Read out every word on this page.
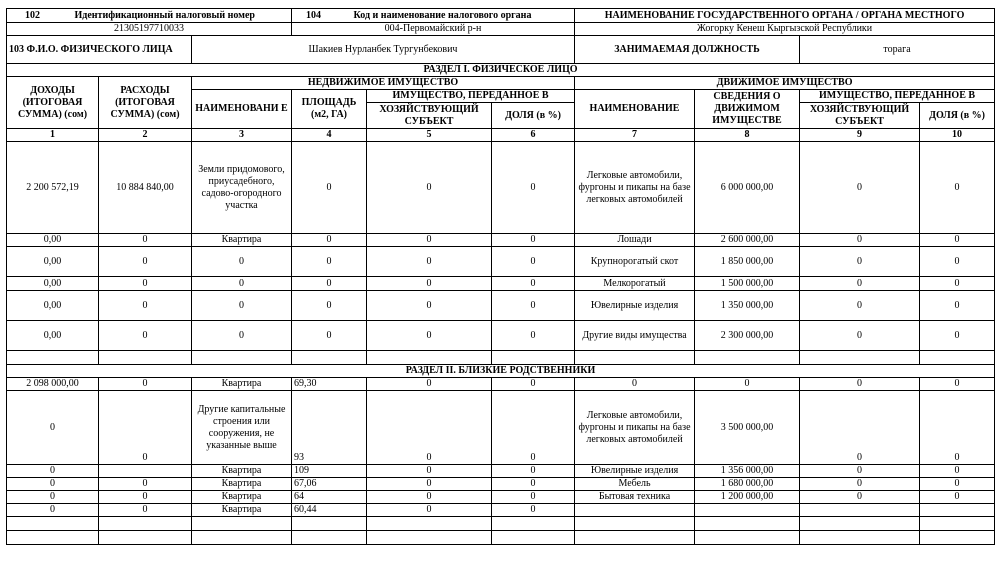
102 Идентификационный налоговый номер			104 Код и наименование налогового органа			НАИМЕНОВАНИЕ ГОСУДАРСТВЕННОГО ОРГАНА / ОРГАНА МЕСТНОГО			
21305197710033			004-Первомайский р-н			Жогорку Кенеш Кыргызской Республики			
103 Ф.И.О. ФИЗИЧЕСКОГО ЛИЦА		Шакиев Нурланбек Тургунбекович				ЗАНИМАЕМАЯ ДОЛЖНОСТЬ		торага	
РАЗДЕЛ I. ФИЗИЧЕСКОЕ ЛИЦО									
ДОХОДЫ (ИТОГОВАЯ СУММА) (сом)	РАСХОДЫ (ИТОГОВАЯ СУММА) (сом)	НЕДВИЖИМОЕ ИМУЩЕСТВО				ДВИЖИМОЕ ИМУЩЕСТВО			
		НАИМЕНОВАНИ Е	ПЛОЩАДЬ (м2, ГА)	ИМУЩЕСТВО, ПЕРЕДАННОЕ В		НАИМЕНОВАНИЕ	СВЕДЕНИЯ О ДВИЖИМОМ ИМУЩЕСТВЕ	ИМУЩЕСТВО, ПЕРЕДАННОЕ В	
				ХОЗЯЙСТВУЮЩИЙ СУБЪЕКТ	ДОЛЯ (в %)			ХОЗЯЙСТВУЮЩИЙ СУБЪЕКТ	ДОЛЯ (в %)
1	2	3	4	5	6	7	8	9	10
2 200 572,19	10 884 840,00	Земли придомового, приусадебного, садово-огородного участка	0	0	0	Легковые автомобили, фургоны и пикапы на базе легковых автомобилей	6 000 000,00	0	0
0,00	0	Квартира	0	0	0	Лошади	2 600 000,00	0	0
0,00	0	0	0	0	0	Крупнорогатый скот	1 850 000,00	0	0
0,00	0	0	0	0	0	Мелкорогатый	1 500 000,00	0	0
0,00	0	0	0	0	0	Ювелирные изделия	1 350 000,00	0	0
0,00	0	0	0	0	0	Другие виды имущества	2 300 000,00	0	0

РАЗДЕЛ II. БЛИЗКИЕ РОДСТВЕННИКИ									
2 098 000,00	0	Квартира	69,30	0	0	0	0	0	0
0	0	Другие капитальные строения или сооружения, не указанные выше	93	0	0	Легковые автомобили, фургоны и пикапы на базе легковых автомобилей	3 500 000,00	0	0
0		Квартира	109	0	0	Ювелирные изделия	1 356 000,00	0	0
0	0	Квартира	67,06	0	0	Мебель	1 680 000,00	0	0
0	0	Квартира	64	0	0	Бытовая техника	1 200 000,00	0	0
0	0	Квартира	60,44	0	0				
